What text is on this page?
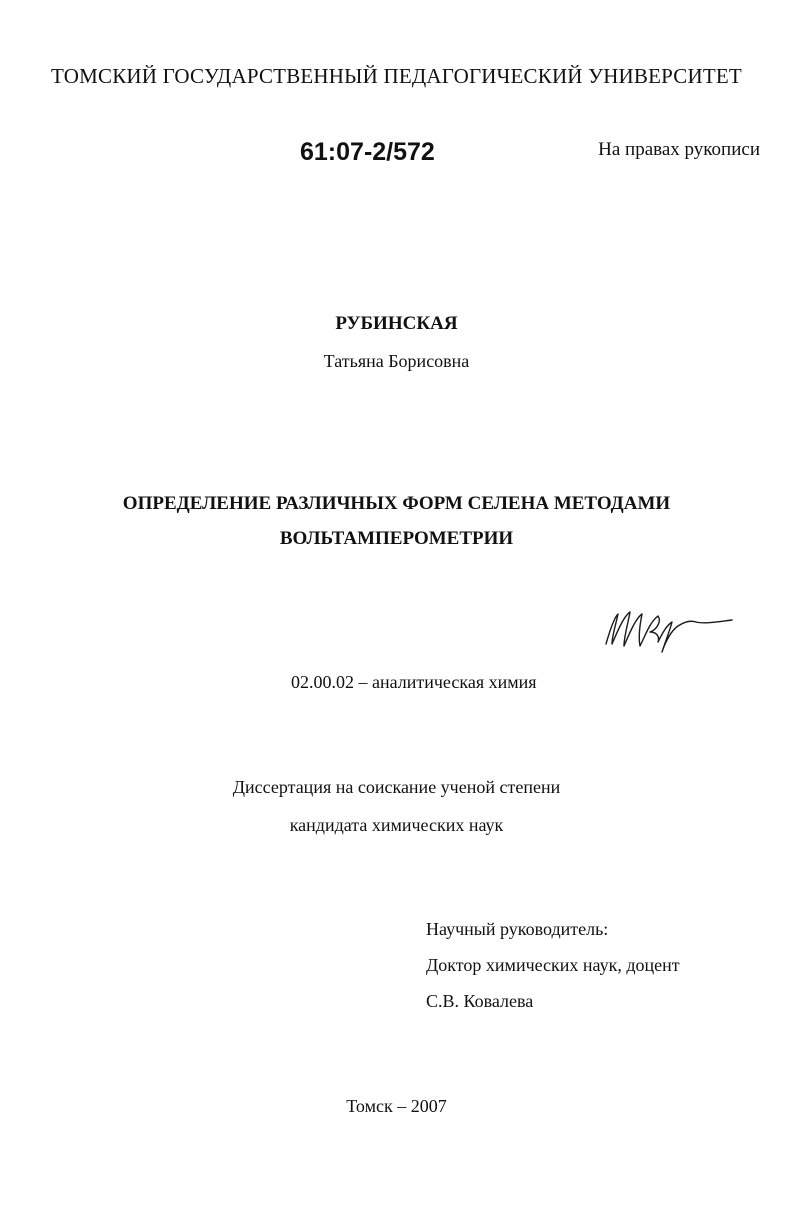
ТОМСКИЙ ГОСУДАРСТВЕННЫЙ ПЕДАГОГИЧЕСКИЙ УНИВЕРСИТЕТ
61:07-2/572	На правах рукописи
РУБИНСКАЯ
Татьяна Борисовна
ОПРЕДЕЛЕНИЕ РАЗЛИЧНЫХ ФОРМ СЕЛЕНА МЕТОДАМИ
ВОЛЬТАМПЕРОМЕТРИИ
02.00.02 – аналитическая химия
Диссертация на соискание ученой степени
кандидата химических наук
Научный руководитель:
Доктор химических наук, доцент
С.В. Ковалева
Томск – 2007
